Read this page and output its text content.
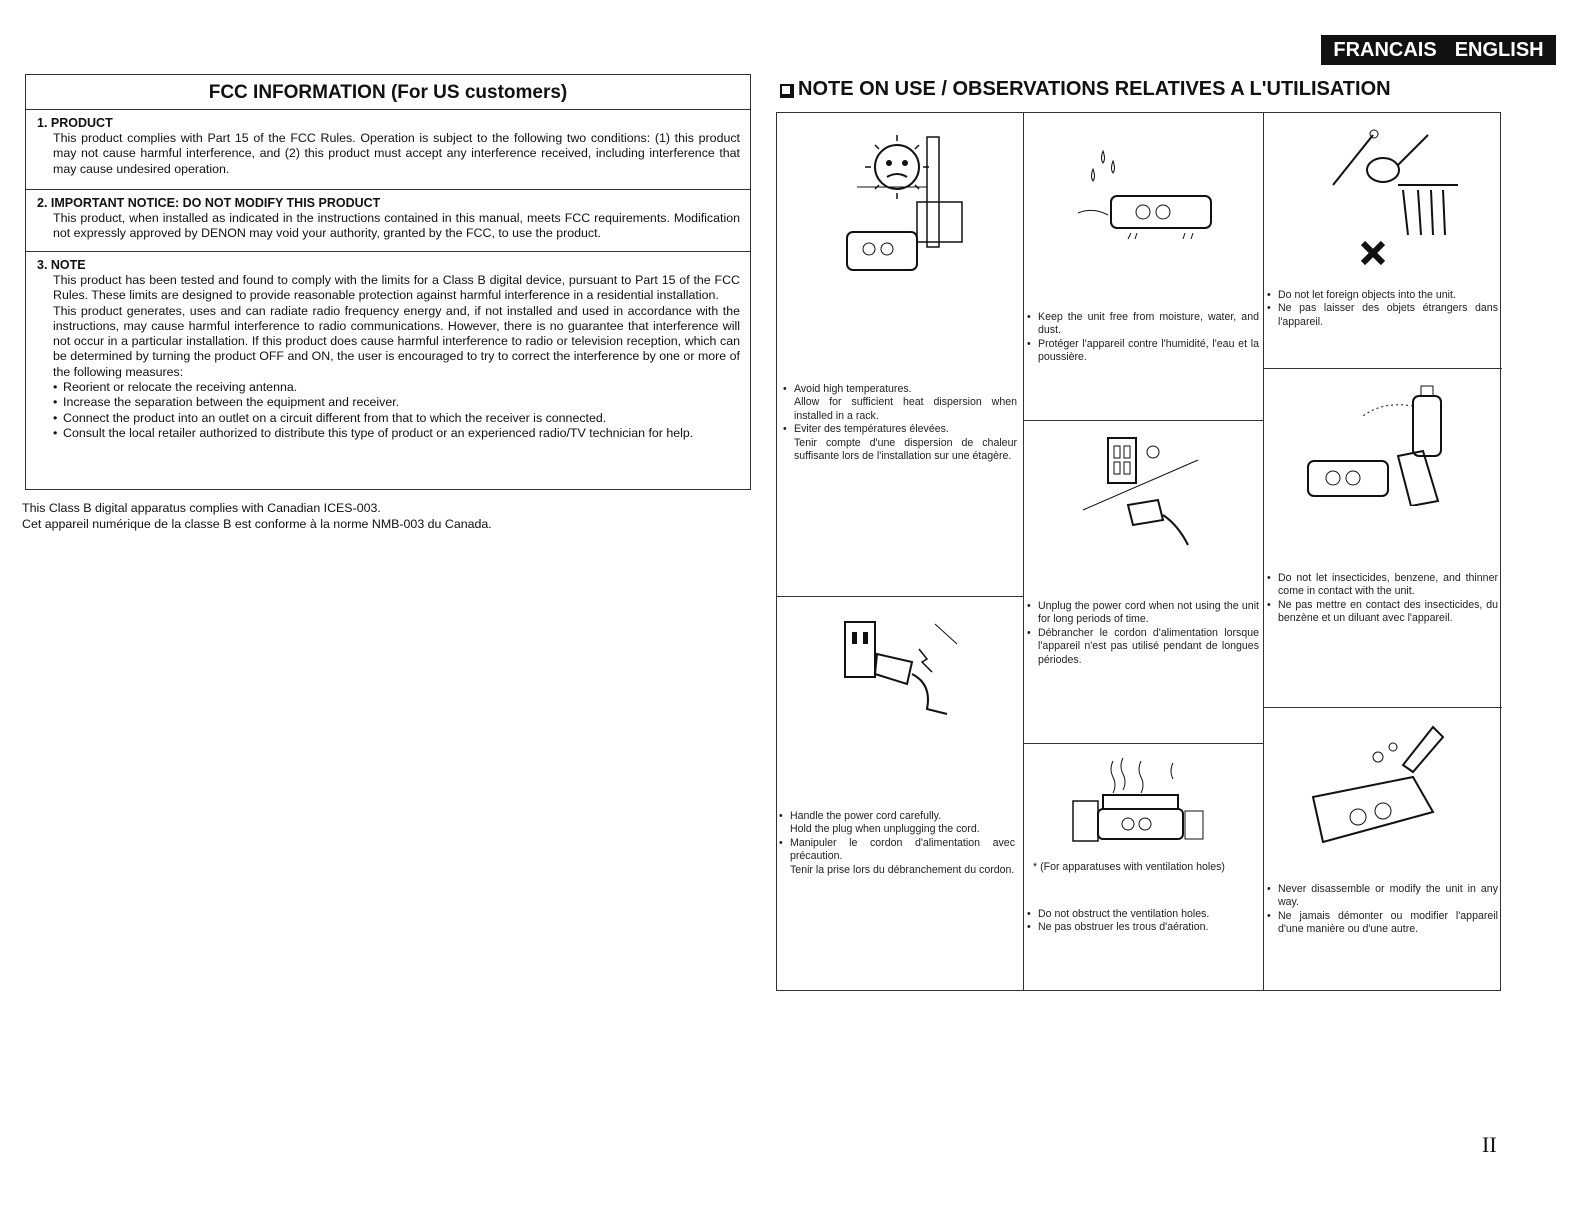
FRANCAIS ENGLISH
FCC INFORMATION (For US customers)
1. PRODUCT

This product complies with Part 15 of the FCC Rules. Operation is subject to the following two conditions: (1) this product may not cause harmful interference, and (2) this product must accept any interference received, including interference that may cause undesired operation.

2. IMPORTANT NOTICE: DO NOT MODIFY THIS PRODUCT

This product, when installed as indicated in the instructions contained in this manual, meets FCC requirements. Modification not expressly approved by DENON may void your authority, granted by the FCC, to use the product.

3. NOTE

This product has been tested and found to comply with the limits for a Class B digital device, pursuant to Part 15 of the FCC Rules. These limits are designed to provide reasonable protection against harmful interference in a residential installation.

This product generates, uses and can radiate radio frequency energy and, if not installed and used in accordance with the instructions, may cause harmful interference to radio communications. However, there is no guarantee that interference will not occur in a particular installation. If this product does cause harmful interference to radio or television reception, which can be determined by turning the product OFF and ON, the user is encouraged to try to correct the interference by one or more of the following measures:

• Reorient or relocate the receiving antenna.
• Increase the separation between the equipment and receiver.
• Connect the product into an outlet on a circuit different from that to which the receiver is connected.
• Consult the local retailer authorized to distribute this type of product or an experienced radio/TV technician for help.
This Class B digital apparatus complies with Canadian ICES-003.
Cet appareil numérique de la classe B est conforme à la norme NMB-003 du Canada.
NOTE ON USE / OBSERVATIONS RELATIVES A L'UTILISATION
• Avoid high temperatures.
Allow for sufficient heat dispersion when installed in a rack.
• Eviter des températures élevées.
Tenir compte d'une dispersion de chaleur suffisante lors de l'installation sur une étagère.
• Handle the power cord carefully.
Hold the plug when unplugging the cord.
• Manipuler le cordon d'alimentation avec précaution.
Tenir la prise lors du débranchement du cordon.
• Keep the unit free from moisture, water, and dust.
• Protéger l'appareil contre l'humidité, l'eau et la poussière.
• Unplug the power cord when not using the unit for long periods of time.
• Débrancher le cordon d'alimentation lorsque l'appareil n'est pas utilisé pendant de longues périodes.
* (For apparatuses with ventilation holes)
• Do not obstruct the ventilation holes.
• Ne pas obstruer les trous d'aération.
• Do not let foreign objects into the unit.
• Ne pas laisser des objets étrangers dans l'appareil.
• Do not let insecticides, benzene, and thinner come in contact with the unit.
• Ne pas mettre en contact des insecticides, du benzène et un diluant avec l'appareil.
• Never disassemble or modify the unit in any way.
• Ne jamais démonter ou modifier l'appareil d'une manière ou d'une autre.
II
